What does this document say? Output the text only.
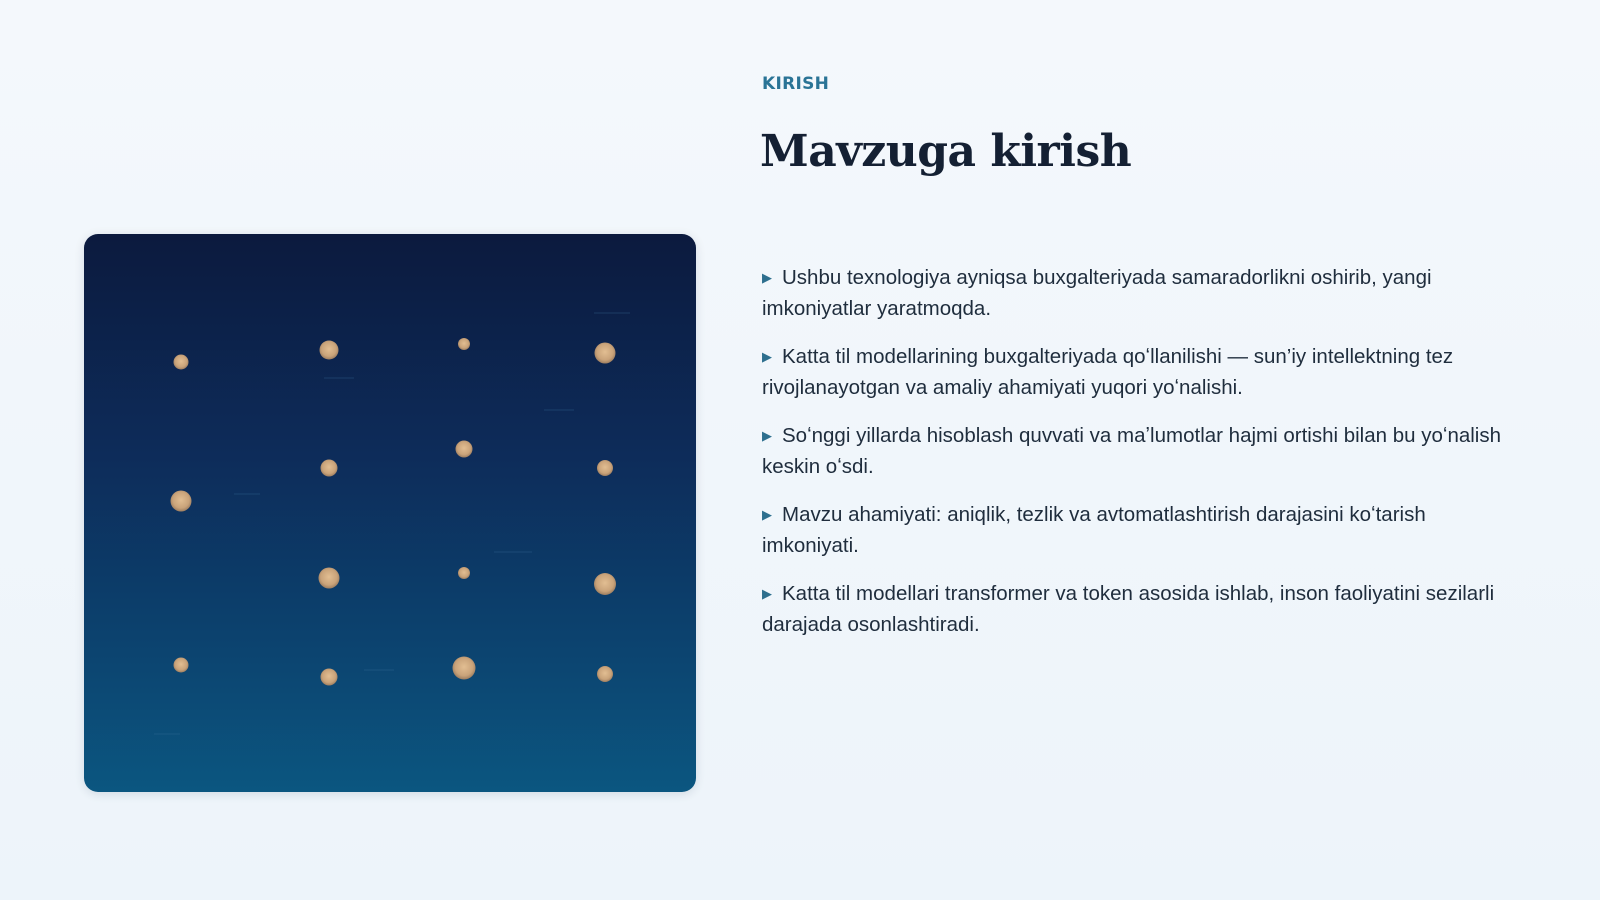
KIRISH
Mavzuga kirish
▶ Ushbu texnologiya ayniqsa buxgalteriyada samaradorlikni oshirib, yangi imkoniyatlar yaratmoqda.
▶ Katta til modellarining buxgalteriyada qoʻllanilishi — sun’iy intellektning tez rivojlanayotgan va amaliy ahamiyati yuqori yoʻnalishi.
▶ Soʻnggi yillarda hisoblash quvvati va maʼlumotlar hajmi ortishi bilan bu yoʻnalish keskin oʻsdi.
▶ Mavzu ahamiyati: aniqlik, tezlik va avtomatlashtirish darajasini koʻtarish imkoniyati.
▶ Katta til modellari transformer va token asosida ishlab, inson faoliyatini sezilarli darajada osonlashtiradi.
